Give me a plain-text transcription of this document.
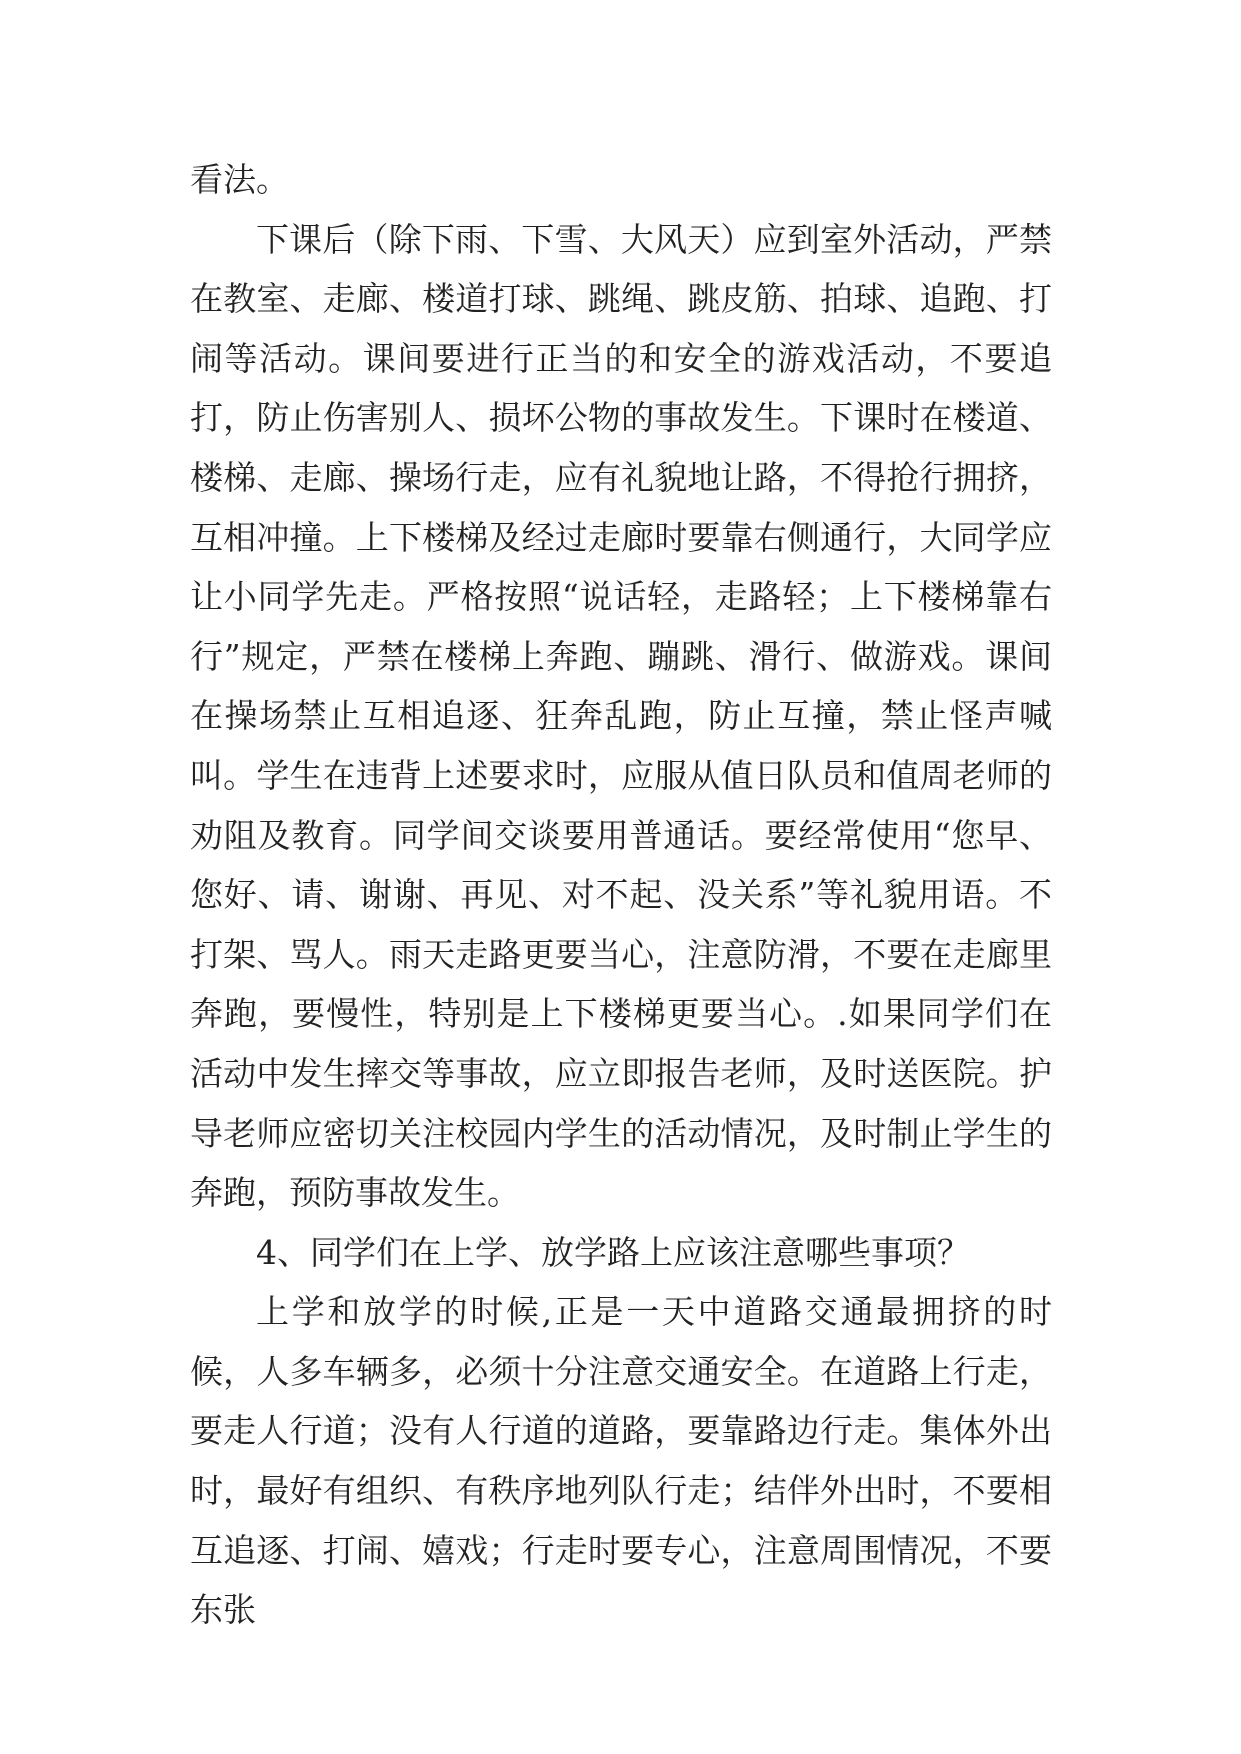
看法。

下课后（除下雨、下雪、大风天）应到室外活动，严禁在教室、走廊、楼道打球、跳绳、跳皮筋、拍球、追跑、打闹等活动。课间要进行正当的和安全的游戏活动，不要追打，防止伤害别人、损坏公物的事故发生。下课时在楼道、楼梯、走廊、操场行走，应有礼貌地让路，不得抢行拥挤，互相冲撞。上下楼梯及经过走廊时要靠右侧通行，大同学应让小同学先走。严格按照“说话轻，走路轻；上下楼梯靠右行”规定，严禁在楼梯上奔跑、蹦跳、滑行、做游戏。课间在操场禁止互相追逐、狂奔乱跑，防止互撞，禁止怪声喊叫。学生在违背上述要求时，应服从值日队员和值周老师的劝阻及教育。同学间交谈要用普通话。要经常使用“您早、您好、请、谢谢、再见、对不起、没关系”等礼貌用语。不打架、骂人。雨天走路更要当心，注意防滑，不要在走廊里奔跑，要慢性，特别是上下楼梯更要当心。.如果同学们在活动中发生摔交等事故，应立即报告老师，及时送医院。护导老师应密切关注校园内学生的活动情况，及时制止学生的奔跑，预防事故发生。

4、同学们在上学、放学路上应该注意哪些事项？

上学和放学的时候,正是一天中道路交通最拥挤的时候，人多车辆多，必须十分注意交通安全。在道路上行走，要走人行道；没有人行道的道路，要靠路边行走。集体外出时，最好有组织、有秩序地列队行走；结伴外出时，不要相互追逐、打闹、嬉戏；行走时要专心，注意周围情况，不要东张
